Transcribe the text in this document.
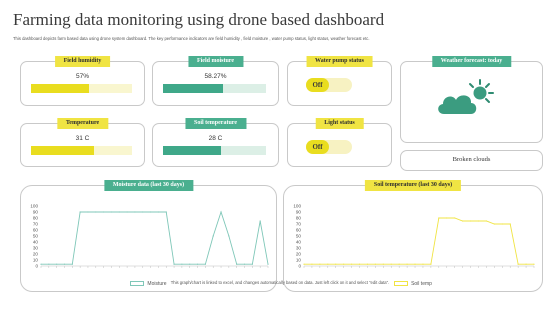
Farming data monitoring using drone based dashboard
This dashboard depicts farm based data using drone system dashboard. The key performance indicators are field humidity , field moisture , water pump status, light status, weather forecast etc.
Field humidity
57%
Field moisture
58.27%
Water pump status
Off
Weather forecast: today
Temperature
31 C
Soil temperature
28 C
Light status
Off
Broken clouds
Moisture data (last 30 days)
0
10
20
30
40
50
60
70
80
90
100
Moisture
Soil temperature (last 30 days)
0
10
20
30
40
50
60
70
80
90
100
Soil temp
This graph/chart is linked to excel, and changes automatically based on data. Just left click on it and select "edit data".
